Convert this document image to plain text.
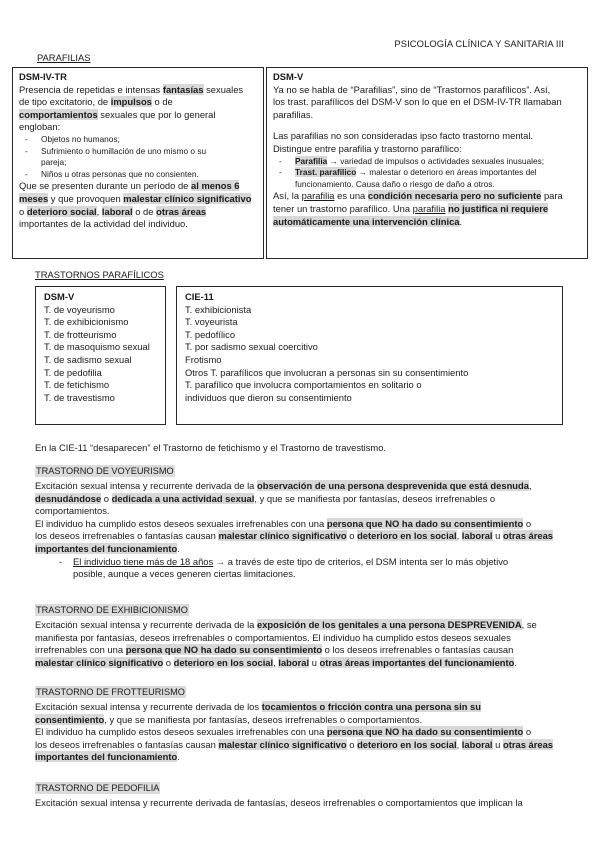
PSICOLOGÍA CLÍNICA Y SANITARIA III
PARAFILIAS
DSM-IV-TR
Presencia de repetidas e intensas fantasías sexuales
de tipo excitatorio, de impulsos o de
comportamientos sexuales que por lo general
engloban:
- Objetos no humanos;
- Sufrimiento o humillación de uno mismo o su
pareja;
- Niños u otras personas que no consienten.
Que se presenten durante un período de al menos 6
meses y que provoquen malestar clínico significativo
o deterioro social, laboral o de otras áreas
importantes de la actividad del individuo.
DSM-V
Ya no se habla de “Parafilias”, sino de “Trastornos parafílicos”. Así,
los trast. parafílicos del DSM-V son lo que en el DSM-IV-TR llamaban
parafilias.
Las parafilias no son consideradas ipso facto trastorno mental.
Distingue entre parafilia y trastorno parafílico:
- Parafilia → variedad de impulsos o actividades sexuales inusuales;
- Trast. parafílico → malestar o deterioro en áreas importantes del
funcionamiento. Causa daño o riesgo de daño a otros.
Así, la parafilia es una condición necesaria pero no suficiente para
tener un trastorno parafílico. Una parafilia no justifica ni requiere
automáticamente una intervención clínica.
TRASTORNOS PARAFÍLICOS
DSM-V
T. de voyeurismo
T. de exhibicionismo
T. de frotteurismo
T. de masoquismo sexual
T. de sadismo sexual
T. de pedofilia
T. de fetichismo
T. de travestismo
CIE-11
T. exhibicionista
T. voyeurista
T. pedofílico
T. por sadismo sexual coercitivo
Frotismo
Otros T. parafílicos que involucran a personas sin su consentimiento
T. parafílico que involucra comportamientos en solitario o
individuos que dieron su consentimiento
En la CIE-11 “desaparecen” el Trastorno de fetichismo y el Trastorno de travestismo.
TRASTORNO DE VOYEURISMO
Excitación sexual intensa y recurrente derivada de la observación de una persona desprevenida que está desnuda,
desnudándose o dedicada a una actividad sexual, y que se manifiesta por fantasías, deseos irrefrenables o
comportamientos.
El individuo ha cumplido estos deseos sexuales irrefrenables con una persona que NO ha dado su consentimiento o
los deseos irrefrenables o fantasías causan malestar clínico significativo o deterioro en los social, laboral u otras áreas
importantes del funcionamiento.
- El individuo tiene más de 18 años → a través de este tipo de criterios, el DSM intenta ser lo más objetivo
posible, aunque a veces generen ciertas limitaciones.
TRASTORNO DE EXHIBICIONISMO
Excitación sexual intensa y recurrente derivada de la exposición de los genitales a una persona DESPREVENIDA, se
manifiesta por fantasías, deseos irrefrenables o comportamientos. El individuo ha cumplido estos deseos sexuales
irrefrenables con una persona que NO ha dado su consentimiento o los deseos irrefrenables o fantasías causan
malestar clínico significativo o deterioro en los social, laboral u otras áreas importantes del funcionamiento.
TRASTORNO DE FROTTEURISMO
Excitación sexual intensa y recurrente derivada de los tocamientos o fricción contra una persona sin su
consentimiento, y que se manifiesta por fantasías, deseos irrefrenables o comportamientos.
El individuo ha cumplido estos deseos sexuales irrefrenables con una persona que NO ha dado su consentimiento o
los deseos irrefrenables o fantasías causan malestar clínico significativo o deterioro en los social, laboral u otras áreas
importantes del funcionamiento.
TRASTORNO DE PEDOFILIA
Excitación sexual intensa y recurrente derivada de fantasías, deseos irrefrenables o comportamientos que implican la
